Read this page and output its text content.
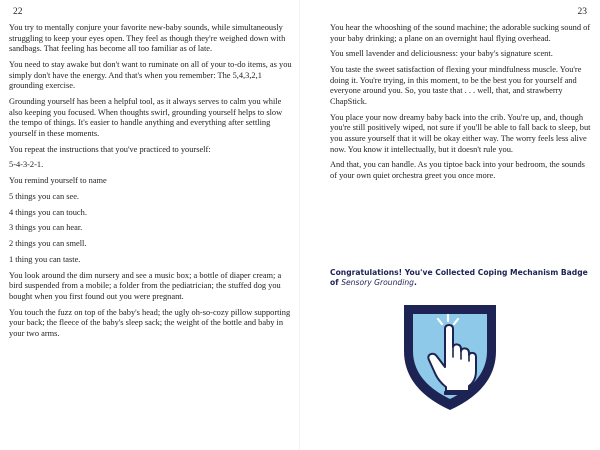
22

You try to mentally conjure your favorite new-baby sounds, while simultaneously struggling to keep your eyes open. They feel as though they're weighed down with sandbags. That feeling has become all too familiar as of late.

You need to stay awake but don't want to ruminate on all of your to-do items, as you simply don't have the energy. And that's when you remember: The 5,4,3,2,1 grounding exercise.

Grounding yourself has been a helpful tool, as it always serves to calm you while also keeping you focused. When thoughts swirl, grounding yourself helps to slow the tempo of things. It's easier to handle anything and everything after settling yourself in these moments.

You repeat the instructions that you've practiced to yourself:

5-4-3-2-1.

You remind yourself to name

5 things you can see.

4 things you can touch.

3 things you can hear.

2 things you can smell.

1 thing you can taste.

You look around the dim nursery and see a music box; a bottle of diaper cream; a bird suspended from a mobile; a folder from the pediatrician; the stuffed dog you bought when you first found out you were pregnant.

You touch the fuzz on top of the baby's head; the ugly oh-so-cozy pillow supporting your back; the fleece of the baby's sleep sack; the weight of the bottle and baby in your two arms.

23

You hear the whooshing of the sound machine; the adorable sucking sound of your baby drinking; a plane on an overnight haul flying overhead.

You smell lavender and deliciousness: your baby's signature scent.

You taste the sweet satisfaction of flexing your mindfulness muscle. You're doing it. You're trying, in this moment, to be the best you for yourself and everyone around you. So, you taste that . . . well, that, and strawberry ChapStick.

You place your now dreamy baby back into the crib. You're up, and, though you're still positively wiped, not sure if you'll be able to fall back to sleep, but you assure yourself that it will be okay either way. The worry feels less alive now. You know it intellectually, but it doesn't rule you.

And that, you can handle. As you tiptoe back into your bedroom, the sounds of your own quiet orchestra greet you once more.

Congratulations! You've Collected Coping Mechanism Badge of Sensory Grounding.
